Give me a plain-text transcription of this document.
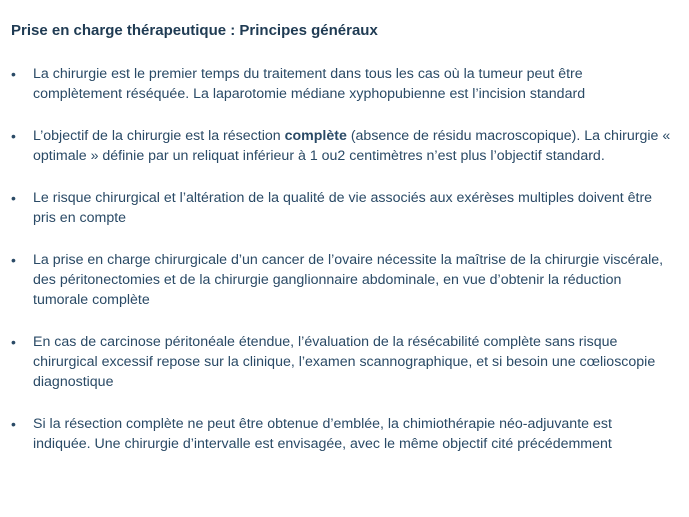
Prise en charge thérapeutique : Principes généraux
• La chirurgie est le premier temps du traitement dans tous les cas où la tumeur peut être complètement réséquée. La laparotomie médiane xyphopubienne est l’incision standard
• L’objectif de la chirurgie est la résection complète (absence de résidu macroscopique). La chirurgie « optimale » définie par un reliquat inférieur à 1 ou2 centimètres n’est plus l’objectif standard.
• Le risque chirurgical et l’altération de la qualité de vie associés aux exérèses multiples doivent être pris en compte
• La prise en charge chirurgicale d’un cancer de l’ovaire nécessite la maîtrise de la chirurgie viscérale, des péritonectomies et de la chirurgie ganglionnaire abdominale, en vue d’obtenir la réduction tumorale complète
• En cas de carcinose péritonéale étendue, l’évaluation de la résécabilité complète sans risque chirurgical excessif repose sur la clinique, l’examen scannographique, et si besoin une cœlioscopie diagnostique
• Si la résection complète ne peut être obtenue d’emblée, la chimiothérapie néo-adjuvante est indiquée. Une chirurgie d’intervalle est envisagée, avec le même objectif cité précédemment
